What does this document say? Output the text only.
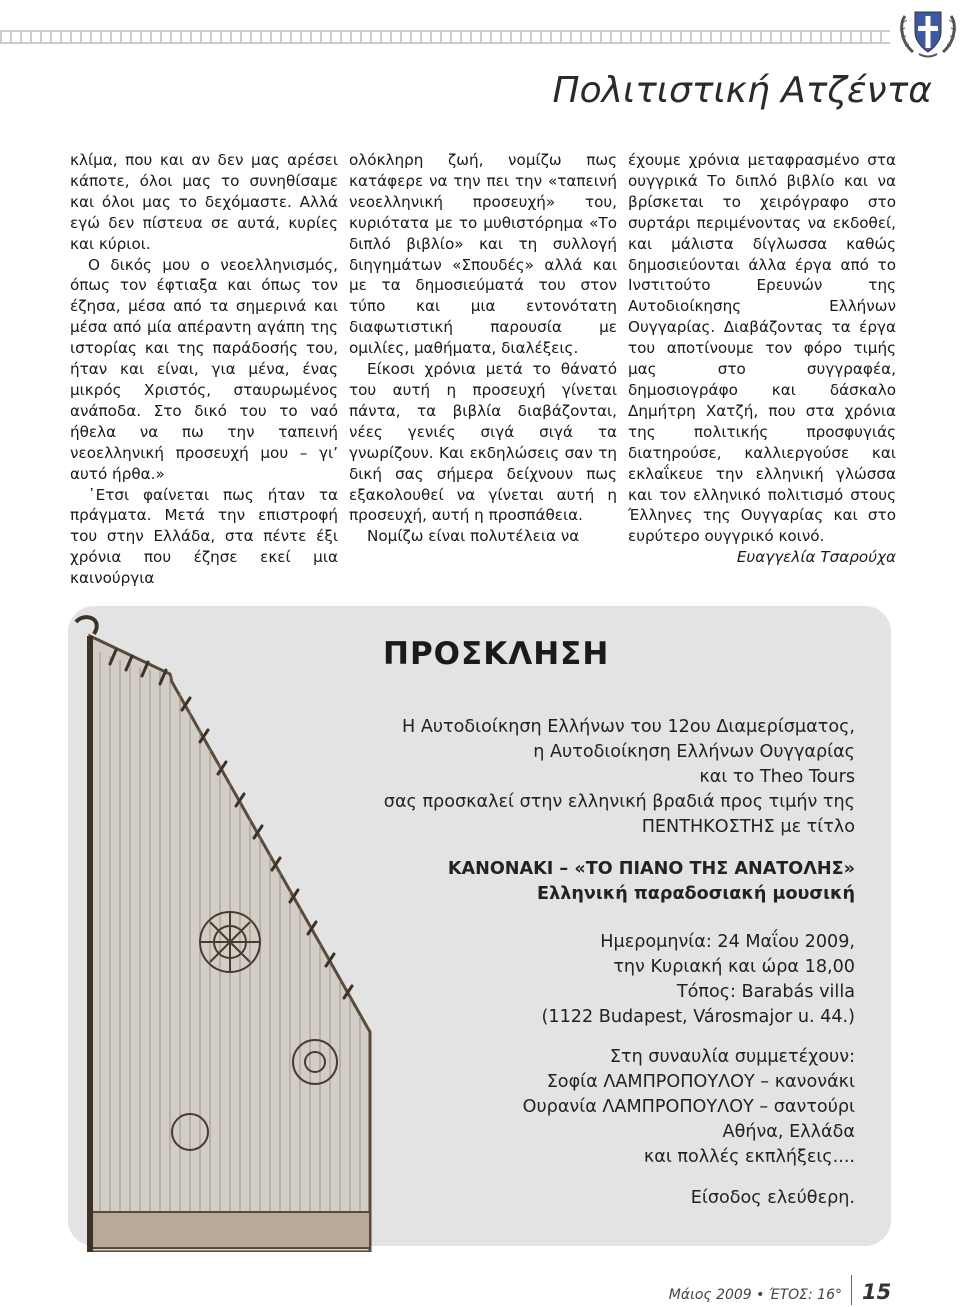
Πολιτιστική Ατζέντα

κλίμα, που και αν δεν μας αρέσει κάποτε, όλοι μας το συνηθίσαμε και όλοι μας το δεχόμαστε. Αλλά εγώ δεν πίστευα σε αυτά, κυρίες και κύριοι.

Ο δικός μου ο νεοελληνισμός, όπως τον έφτιαξα και όπως τον έζησα, μέσα από τα σημερινά και μέσα από μία απέραντη αγάπη της ιστορίας και της παράδοσής του, ήταν και είναι, για μένα, ένας μικρός Χριστός, σταυρωμένος ανάποδα. Στο δικό του το ναό ήθελα να πω την ταπεινή νεοελληνική προσευχή μου – γι’ αυτό ήρθα.»

῾Ετσι φαίνεται πως ήταν τα πράγματα. Μετά την επιστροφή του στην Ελλάδα, στα πέντε έξι χρόνια που έζησε εκεί μια καινούργια

ολόκληρη ζωή, νομίζω πως κατάφερε να την πει την «ταπεινή νεοελληνική προσευχή» του, κυριότατα με το μυθιστόρημα «Το διπλό βιβλίο» και τη συλλογή διηγημάτων «Σπουδές» αλλά και με τα δημοσιεύματά του στον τύπο και μια εντονότατη διαφωτιστική παρουσία με ομιλίες, μαθήματα, διαλέξεις.

Είκοσι χρόνια μετά το θάνατό του αυτή η προσευχή γίνεται πάντα, τα βιβλία διαβάζονται, νέες γενιές σιγά σιγά τα γνωρίζουν. Και εκδηλώσεις σαν τη δική σας σήμερα δείχνουν πως εξακολουθεί να γίνεται αυτή η προσευχή, αυτή η προσπάθεια.

Νομίζω είναι πολυτέλεια να

έχουμε χρόνια μεταφρασμένο στα ουγγρικά Το διπλό βιβλίο και να βρίσκεται το χειρόγραφο στο συρτάρι περιμένοντας να εκδοθεί, και μάλιστα δίγλωσσα καθώς δημοσιεύονται άλλα έργα από το Ινστιτούτο Ερευνών της Αυτοδιοίκησης Ελλήνων Ουγγαρίας. Διαβάζοντας τα έργα του αποτίνουμε τον φόρο τιμής μας στο συγγραφέα, δημοσιογράφο και δάσκαλο Δημήτρη Χατζή, που στα χρόνια της πολιτικής προσφυγιάς διατηρούσε, καλλιεργούσε και εκλαΐκευε την ελληνική γλώσσα και τον ελληνικό πολιτισμό στους Έλληνες της Ουγγαρίας και στο ευρύτερο ουγγρικό κοινό.

Ευαγγελία Τσαρούχα

ΠΡΟΣΚΛΗΣΗ

Η Αυτοδιοίκηση Ελλήνων του 12ου Διαμερίσματος,

η Αυτοδιοίκηση Ελλήνων Ουγγαρίας

και το Theo Tours

σας προσκαλεί στην ελληνική βραδιά προς τιμήν της

ΠΕΝΤΗΚΟΣΤΗΣ με τίτλο

ΚΑΝΟΝΑΚΙ – «ΤΟ ΠΙΑΝΟ ΤΗΣ ΑΝΑΤΟΛΗΣ»

Ελληνική παραδοσιακή μουσική

Ημερομηνία: 24 Μαΐου 2009,

την Κυριακή και ώρα 18,00

Τόπος: Barabás villa

(1122 Budapest, Városmajor u. 44.)

Στη συναυλία συμμετέχουν:

Σοφία ΛΑΜΠΡΟΠΟΥΛΟΥ – κανονάκι

Ουρανία ΛΑΜΠΡΟΠΟΥΛΟΥ – σαντούρι

Αθήνα, Ελλάδα

και πολλές εκπλήξεις....

Είσοδος ελεύθερη.

Μάιος 2009 • ΈΤΟΣ: 16° 15
